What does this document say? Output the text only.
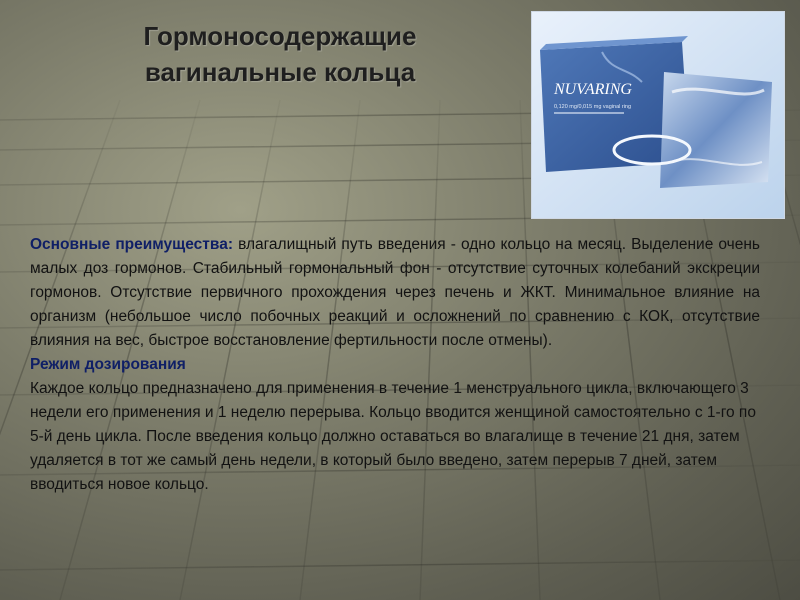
Гормоносодержащие
вагинальные кольца
NUVARING
0,120 mg/0,015 mg vaginal ring

Основные преимущества: влагалищный путь введения - одно кольцо на месяц. Выделение очень малых доз гормонов. Стабильный гормональный фон - отсутствие суточных колебаний экскреции гормонов. Отсутствие первичного прохождения через печень и ЖКТ. Минимальное влияние на организм (небольшое число побочных реакций и осложнений по сравнению с КОК, отсутствие влияния на вес, быстрое восстановление фертильности после отмены).

Режим дозирования

Каждое кольцо предназначено для применения в течение 1 менструального цикла, включающего 3 недели его применения и 1 неделю перерыва. Кольцо вводится женщиной самостоятельно с 1-го по 5-й день цикла. После введения кольцо должно оставаться во влагалище в течение 21 дня, затем удаляется в тот же самый день недели, в который было введено, затем перерыв 7 дней, затем вводиться новое кольцо.
